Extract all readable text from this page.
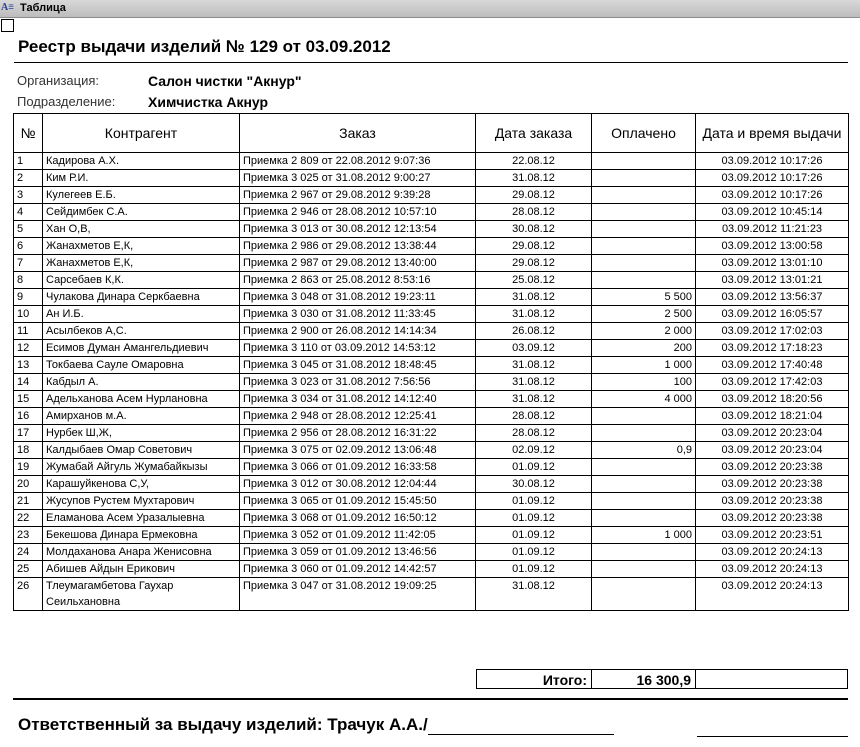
A≡ Таблица
Реестр выдачи изделий № 129 от 03.09.2012
Организация:	Салон чистки "Акнур"
Подразделение: Химчистка Акнур
№	Контрагент	Заказ	Дата заказа	Оплачено	Дата и время выдачи
1	Кадирова А.Х.	Приемка 2 809 от 22.08.2012 9:07:36	22.08.12		03.09.2012 10:17:26
2	Ким Р.И.	Приемка 3 025 от 31.08.2012 9:00:27	31.08.12		03.09.2012 10:17:26
3	Кулегеев Е.Б.	Приемка 2 967 от 29.08.2012 9:39:28	29.08.12		03.09.2012 10:17:26
4	Сейдимбек С.А.	Приемка 2 946 от 28.08.2012 10:57:10	28.08.12		03.09.2012 10:45:14
5	Хан О,В,	Приемка 3 013 от 30.08.2012 12:13:54	30.08.12		03.09.2012 11:21:23
6	Жанахметов Е,К,	Приемка 2 986 от 29.08.2012 13:38:44	29.08.12		03.09.2012 13:00:58
7	Жанахметов Е,К,	Приемка 2 987 от 29.08.2012 13:40:00	29.08.12		03.09.2012 13:01:10
8	Сарсебаев К,К.	Приемка 2 863 от 25.08.2012 8:53:16	25.08.12		03.09.2012 13:01:21
9	Чулакова Динара Серкбаевна	Приемка 3 048 от 31.08.2012 19:23:11	31.08.12	5 500	03.09.2012 13:56:37
10	Ан И.Б.	Приемка 3 030 от 31.08.2012 11:33:45	31.08.12	2 500	03.09.2012 16:05:57
11	Асылбеков А,С.	Приемка 2 900 от 26.08.2012 14:14:34	26.08.12	2 000	03.09.2012 17:02:03
12	Есимов Думан Амангельдиевич	Приемка 3 110 от 03.09.2012 14:53:12	03.09.12	200	03.09.2012 17:18:23
13	Токбаева Сауле Омаровна	Приемка 3 045 от 31.08.2012 18:48:45	31.08.12	1 000	03.09.2012 17:40:48
14	Кабдыл А.	Приемка 3 023 от 31.08.2012 7:56:56	31.08.12	100	03.09.2012 17:42:03
15	Адельханова Асем Нурлановна	Приемка 3 034 от 31.08.2012 14:12:40	31.08.12	4 000	03.09.2012 18:20:56
16	Амирханов м.А.	Приемка 2 948 от 28.08.2012 12:25:41	28.08.12		03.09.2012 18:21:04
17	Нурбек Ш,Ж,	Приемка 2 956 от 28.08.2012 16:31:22	28.08.12		03.09.2012 20:23:04
18	Калдыбаев Омар Советович	Приемка 3 075 от 02.09.2012 13:06:48	02.09.12	0,9	03.09.2012 20:23:04
19	Жумабай Айгуль Жумабайкызы	Приемка 3 066 от 01.09.2012 16:33:58	01.09.12		03.09.2012 20:23:38
20	Карашуйкенова С,У,	Приемка 3 012 от 30.08.2012 12:04:44	30.08.12		03.09.2012 20:23:38
21	Жусупов Рустем Мухтарович	Приемка 3 065 от 01.09.2012 15:45:50	01.09.12		03.09.2012 20:23:38
22	Еламанова Асем Уразалыевна	Приемка 3 068 от 01.09.2012 16:50:12	01.09.12		03.09.2012 20:23:38
23	Бекешова Динара Ермековна	Приемка 3 052 от 01.09.2012 11:42:05	01.09.12	1 000	03.09.2012 20:23:51
24	Молдаханова Анара Женисовна	Приемка 3 059 от 01.09.2012 13:46:56	01.09.12		03.09.2012 20:24:13
25	Абишев Айдын Ерикович	Приемка 3 060 от 01.09.2012 14:42:57	01.09.12		03.09.2012 20:24:13
26	Тлеумагамбетова Гаухар Сеильхановна	Приемка 3 047 от 31.08.2012 19:09:25	31.08.12		03.09.2012 20:24:13
Итого:	16 300,9
Ответственный за выдачу изделий: Трачук А.А./
